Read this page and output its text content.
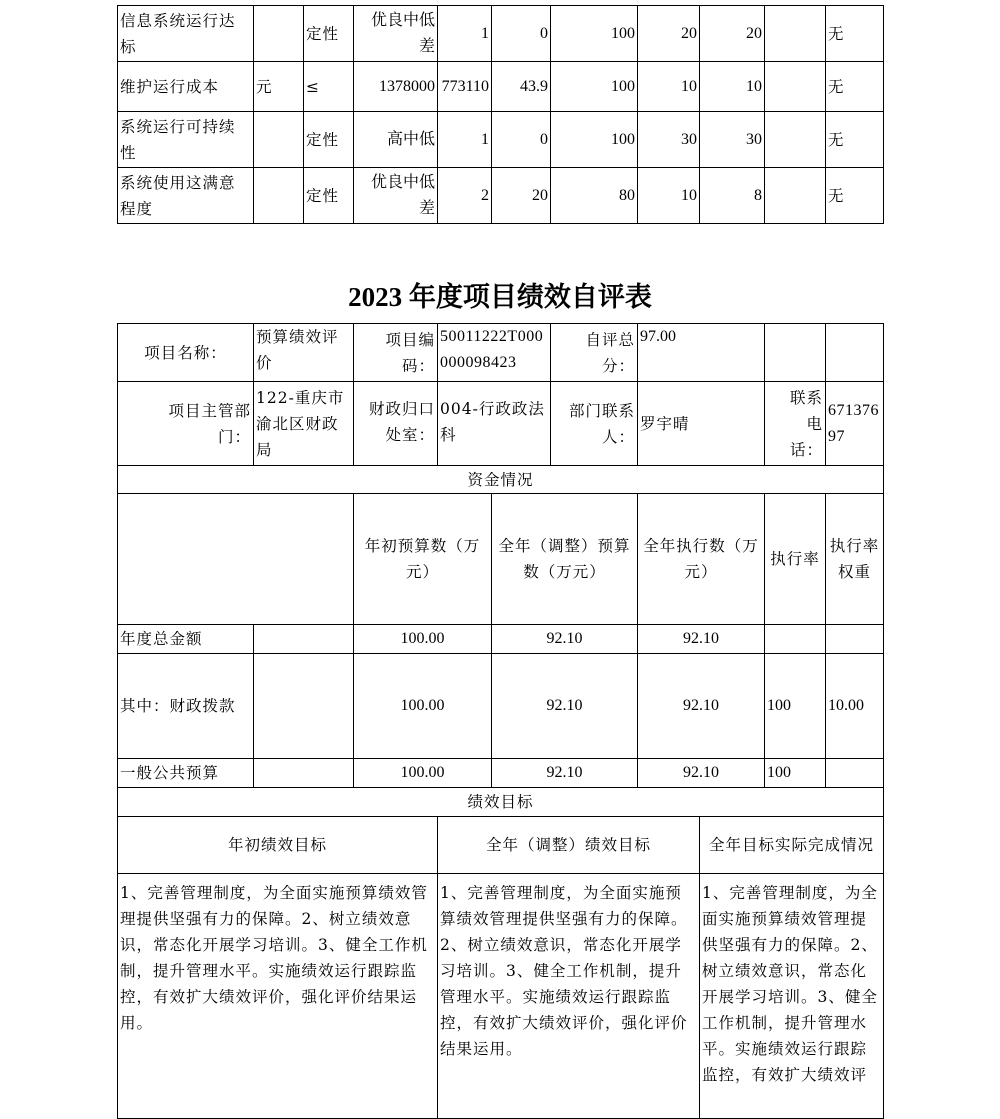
信息系统运行达标		定性	优良中低差	1	0	100	20	20		无
维护运行成本	元	≤	1378000	773110	43.9	100	10	10		无
系统运行可持续性		定性	高中低	1	0	100	30	30		无
系统使用这满意程度		定性	优良中低差	2	20	80	10	8		无
2023 年度项目绩效自评表
项目名称：	预算绩效评价	项目编码：	50011222T000000098423		自评总分：	97.00				
项目主管部门：	122-重庆市渝北区财政局	财政归口处室：	004-行政政法科		部门联系人：	罗宇晴		联系电话：	67137697	
资金情况										
		年初预算数（万元）		全年（调整）预算数（万元）		全年执行数（万元）		执行率	执行率权重	
年度总金额		100.00		92.10		92.10				
其中：财政拨款		100.00		92.10		92.10		100	10.00	
一般公共预算		100.00		92.10		92.10		100		
绩效目标										
年初绩效目标			全年（调整）绩效目标				全年目标实际完成情况			
1、完善管理制度，为全面实施预算绩效管理提供坚强有力的保障。2、树立绩效意识，常态化开展学习培训。3、健全工作机制，提升管理水平。实施绩效运行跟踪监控，有效扩大绩效评价，强化评价结果运用。			1、完善管理制度，为全面实施预算绩效管理提供坚强有力的保障。2、树立绩效意识，常态化开展学习培训。3、健全工作机制，提升管理水平。实施绩效运行跟踪监控，有效扩大绩效评价，强化评价结果运用。				1、完善管理制度，为全面实施预算绩效管理提供坚强有力的保障。2、树立绩效意识，常态化开展学习培训。3、健全工作机制，提升管理水平。实施绩效运行跟踪监控，有效扩大绩效评			
